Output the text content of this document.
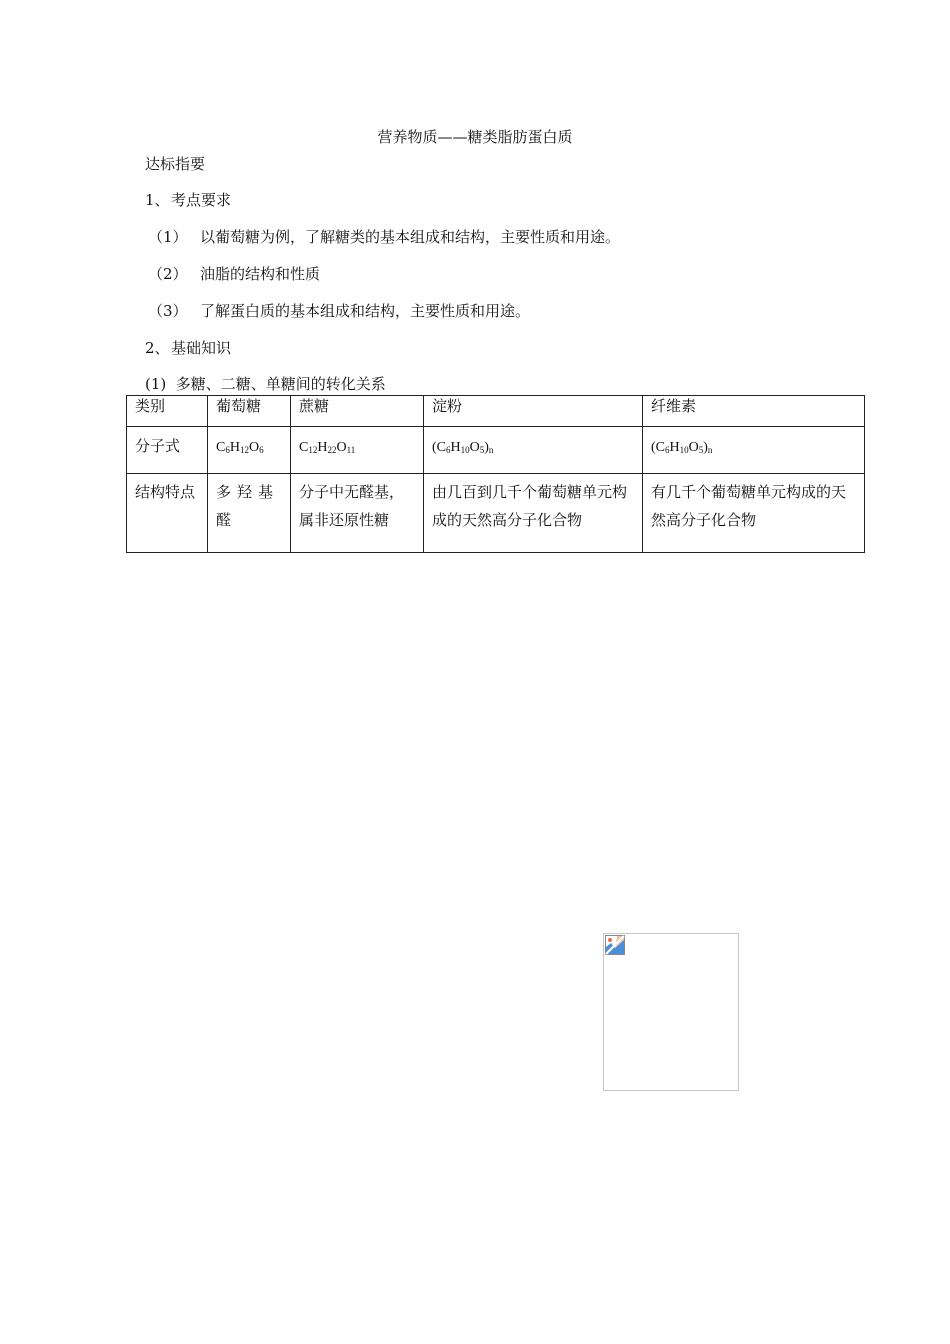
营养物质——糖类脂肪蛋白质
达标指要
1、考点要求
（1） 以葡萄糖为例，了解糖类的基本组成和结构，主要性质和用途。
（2） 油脂的结构和性质
（3） 了解蛋白质的基本组成和结构，主要性质和用途。
2、基础知识
(1) 多糖、二糖、单糖间的转化关系
类别	葡萄糖	蔗糖	淀粉	纤维素
分子式	$C_6H_{12}O_6$	$C_{12}H_{22}O_{11}$	$(C_6H_{10}O_5)_n$	$(C_6H_{10}O_5)_n$
结构特点	多羟基醛	分子中无醛基，属非还原性糖	由几百到几千个葡萄糖单元构成的天然高分子化合物	有几千个葡萄糖单元构成的天然高分子化合物
